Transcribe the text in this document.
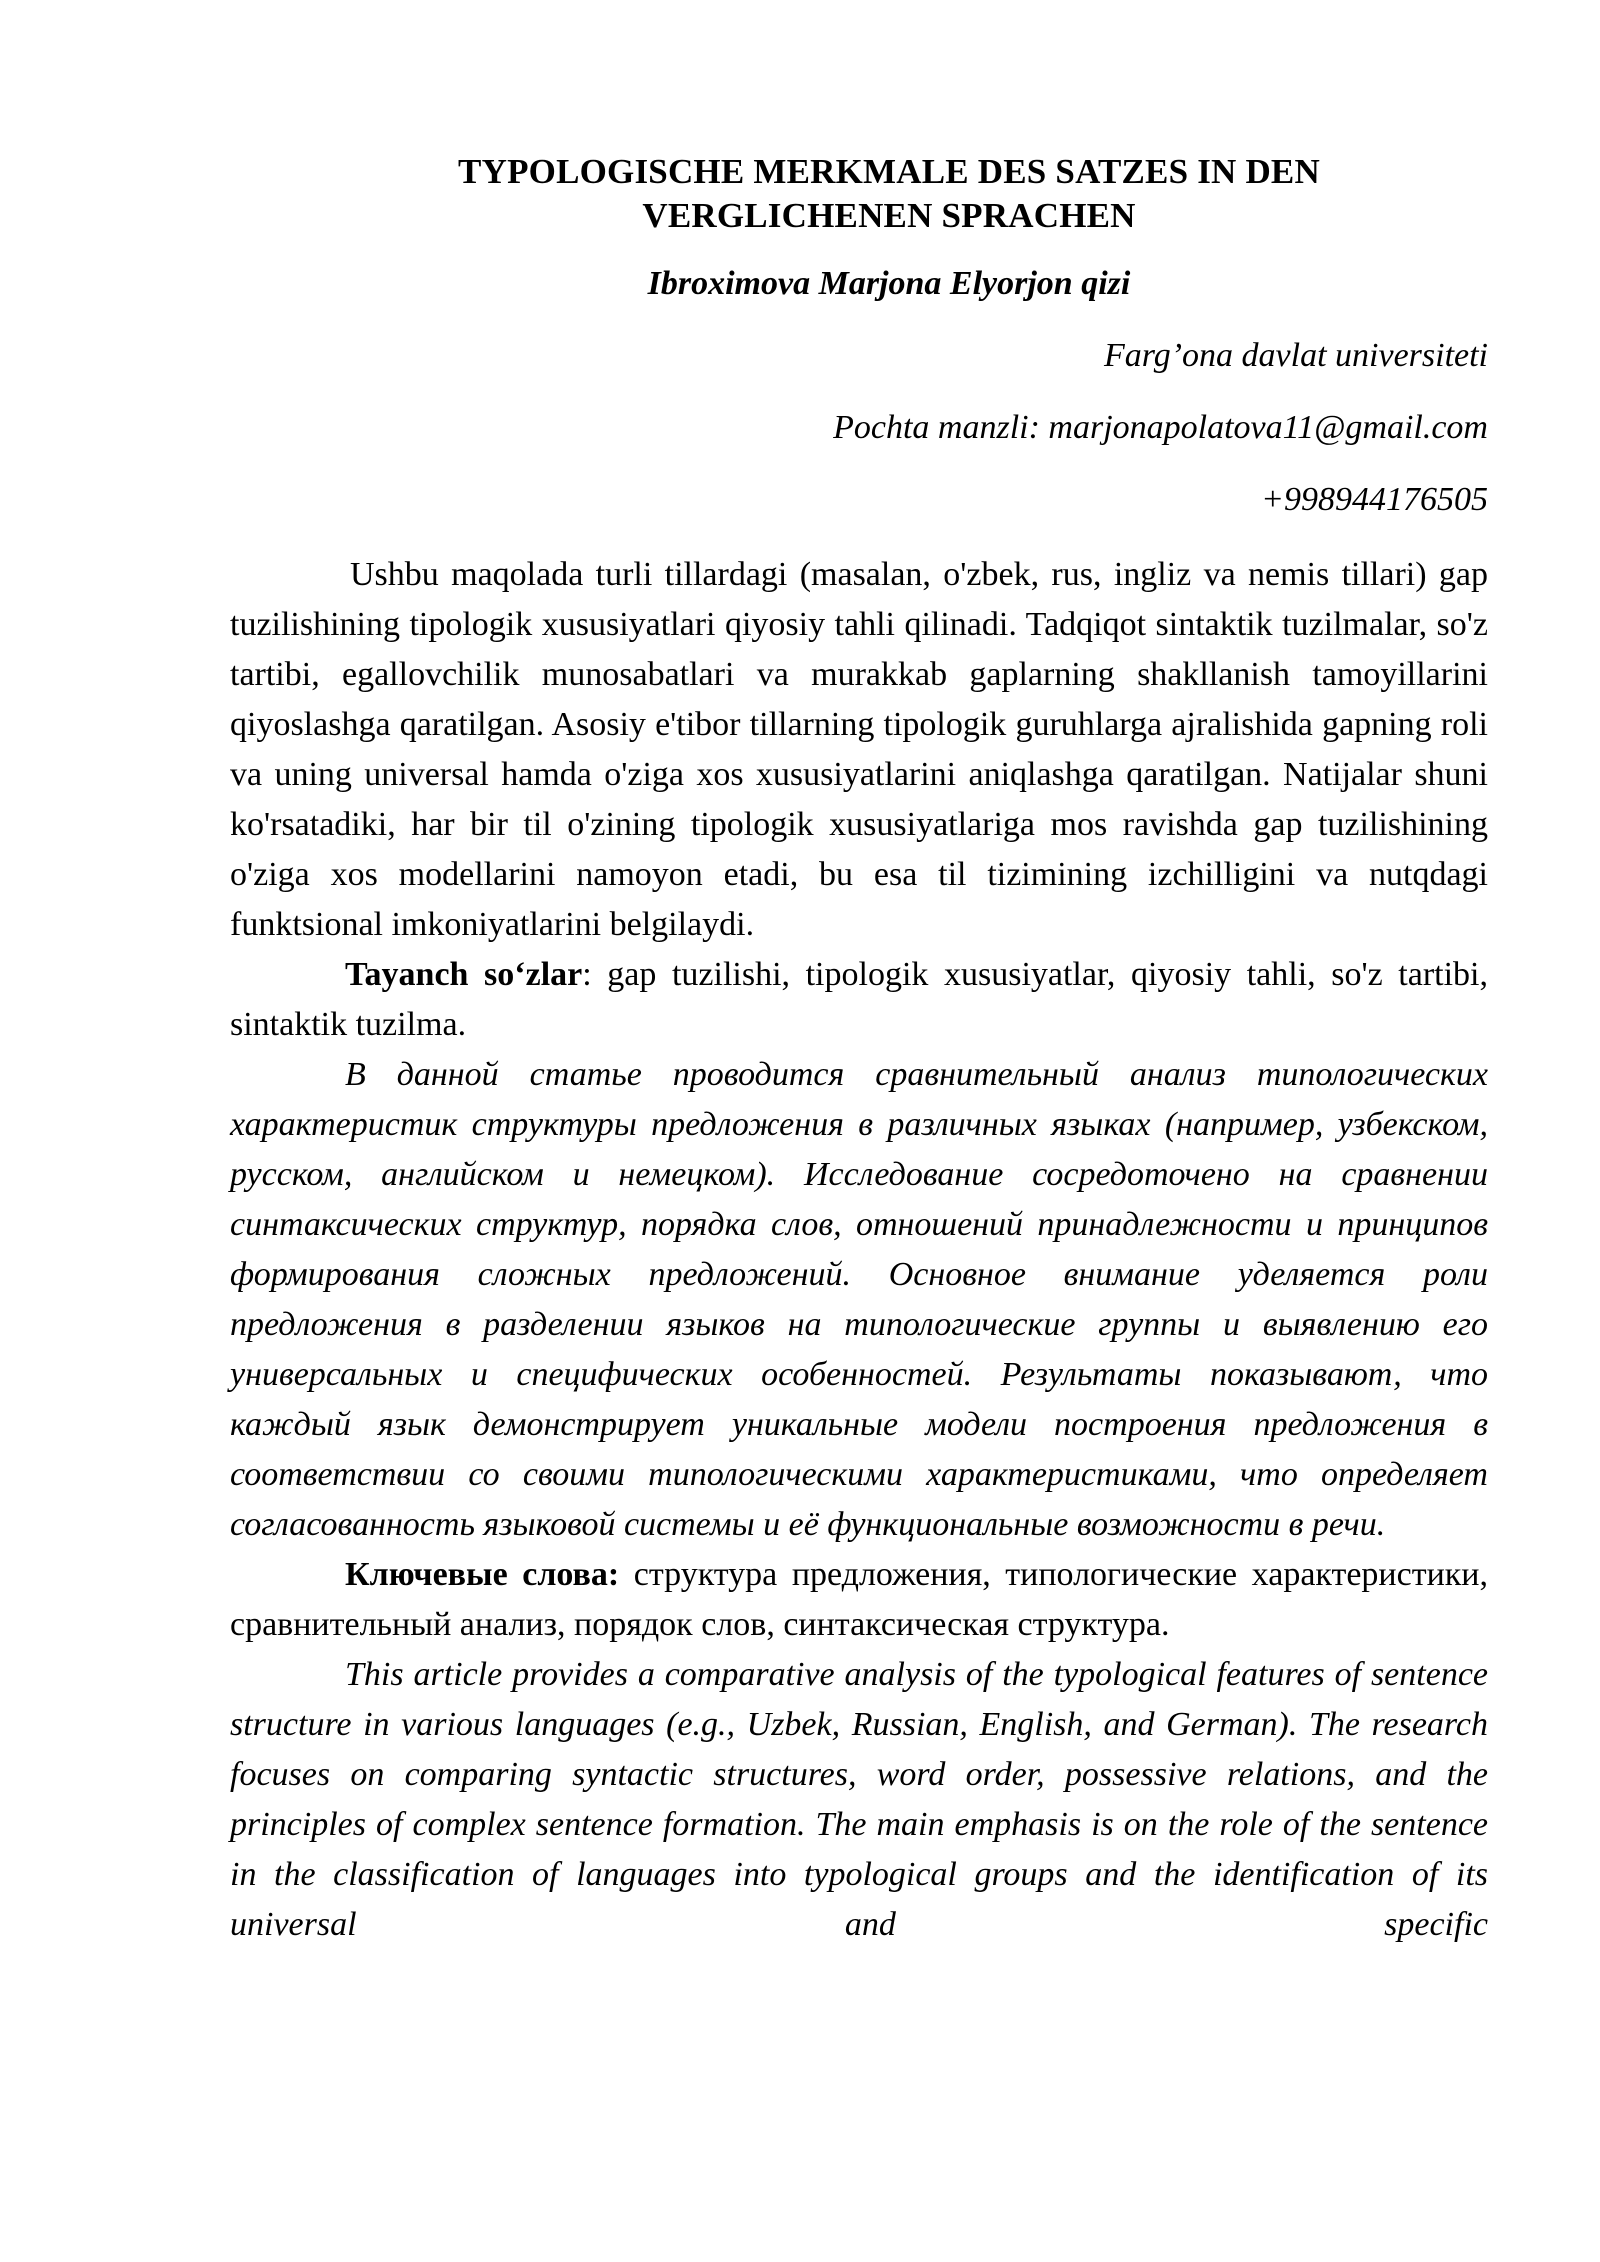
TYPOLOGISCHE MERKMALE DES SATZES IN DEN
VERGLICHENEN SPRACHEN
Ibroximova Marjona Elyorjon qizi
Farg’ona davlat universiteti
Pochta manzli: marjonapolatova11@gmail.com
+998944176505

Ushbu maqolada turli tillardagi (masalan, o'zbek, rus, ingliz va nemis tillari) gap tuzilishining tipologik xususiyatlari qiyosiy tahli qilinadi. Tadqiqot sintaktik tuzilmalar, so'z tartibi, egallovchilik munosabatlari va murakkab gaplarning shakllanish tamoyillarini qiyoslashga qaratilgan. Asosiy e'tibor tillarning tipologik guruhlarga ajralishida gapning roli va uning universal hamda o'ziga xos xususiyatlarini aniqlashga qaratilgan. Natijalar shuni ko'rsatadiki, har bir til o'zining tipologik xususiyatlariga mos ravishda gap tuzilishining o'ziga xos modellarini namoyon etadi, bu esa til tizimining izchilligini va nutqdagi funktsional imkoniyatlarini belgilaydi.

Tayanch so‘zlar: gap tuzilishi, tipologik xususiyatlar, qiyosiy tahli, so'z tartibi, sintaktik tuzilma.

В данной статье проводится сравнительный анализ типологических характеристик структуры предложения в различных языках (например, узбекском, русском, английском и немецком). Исследование сосредоточено на сравнении синтаксических структур, порядка слов, отношений принадлежности и принципов формирования сложных предложений. Основное внимание уделяется роли предложения в разделении языков на типологические группы и выявлению его универсальных и специфических особенностей. Результаты показывают, что каждый язык демонстрирует уникальные модели построения предложения в соответствии со своими типологическими характеристиками, что определяет согласованность языковой системы и её функциональные возможности в речи.

Ключевые слова: структура предложения, типологические характеристики, сравнительный анализ, порядок слов, синтаксическая структура.

This article provides a comparative analysis of the typological features of sentence structure in various languages (e.g., Uzbek, Russian, English, and German). The research focuses on comparing syntactic structures, word order, possessive relations, and the principles of complex sentence formation. The main emphasis is on the role of the sentence in the classification of languages into typological groups and the identification of its universal and specific
